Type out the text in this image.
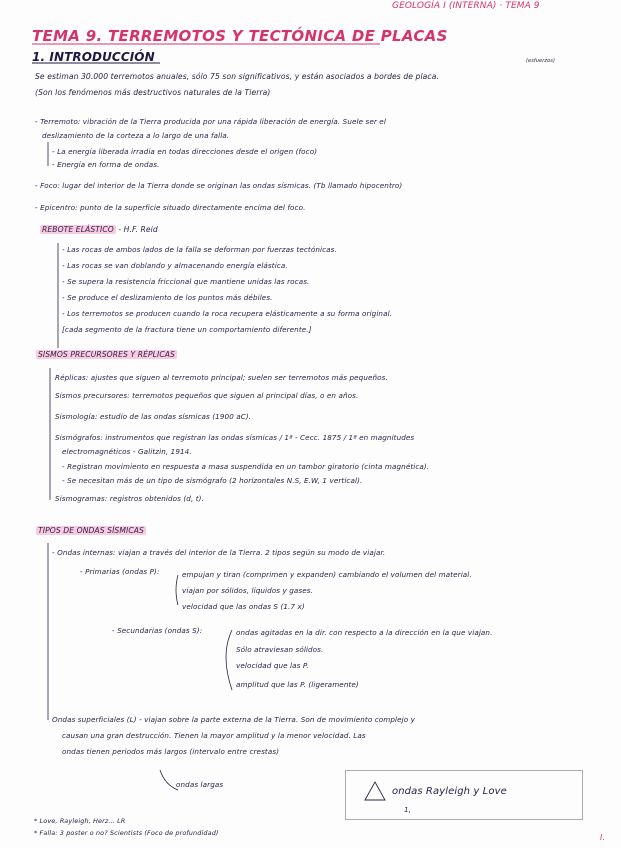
GEOLOGÍA I (INTERNA) · TEMA 9
TEMA 9. TERREMOTOS Y TECTÓNICA DE PLACAS
1. INTRODUCCIÓN	(esfuerzos)
Se estiman 30.000 terremotos anuales, sólo 75 son significativos, y están asociados a bordes de placa.
(Son los fenómenos más destructivos naturales de la Tierra)
- Terremoto: vibración de la Tierra producida por una rápida liberación de energía. Suele ser el
deslizamiento de la corteza a lo largo de una falla.
- La energía liberada irradia en todas direcciones desde el origen (foco)
- Energía en forma de ondas.
- Foco: lugar del interior de la Tierra donde se originan las ondas sísmicas. (Tb llamado hipocentro)
- Epicentro: punto de la superficie situado directamente encima del foco.
REBOTE ELÁSTICO - H.F. Reid
- Las rocas de ambos lados de la falla se deforman por fuerzas tectónicas.
- Las rocas se van doblando y almacenando energía elástica.
- Se supera la resistencia friccional que mantiene unidas las rocas.
- Se produce el deslizamiento de los puntos más débiles.
- Los terremotos se producen cuando la roca recupera elásticamente a su forma original.
[cada segmento de la fractura tiene un comportamiento diferente.]
SISMOS PRECURSORES Y RÉPLICAS
Réplicas: ajustes que siguen al terremoto principal; suelen ser terremotos más pequeños.
Sismos precursores: terremotos pequeños que siguen al principal días, o en años.
Sismología: estudio de las ondas sísmicas (1900 aC).
Sismógrafos: instrumentos que registran las ondas sísmicas / 1ª - Cecc. 1875 / 1ª en magnitudes
electromagnéticos - Galitzin, 1914.
- Registran movimiento en respuesta a masa suspendida en un tambor giratorio (cinta magnética).
- Se necesitan más de un tipo de sismógrafo (2 horizontales N.S, E.W, 1 vertical).
Sismogramas: registros obtenidos (d, t).
TIPOS DE ONDAS SÍSMICAS
- Ondas internas: viajan a través del interior de la Tierra. 2 tipos según su modo de viajar.
- Primarias (ondas P):	empujan y tiran (comprimen y expanden) cambiando el volumen del material.
viajan por sólidos, líquidos y gases.
velocidad que las ondas S (1.7 x)
- Secundarias (ondas S):	ondas agitadas en la dir. con respecto a la dirección en la que viajan.
Sólo atraviesan sólidos.
velocidad que las P.
amplitud que las P. (ligeramente)
Ondas superficiales (L) - viajan sobre la parte externa de la Tierra. Son de movimiento complejo y
causan una gran destrucción. Tienen la mayor amplitud y la menor velocidad. Las
ondas tienen periodos más largos (intervalo entre crestas)
ondas largas
ondas Rayleigh y Love
1,
* Love, Rayleigh, Herz... LR
* Falla: 3 poster o no? Scientists (Foco de profundidad)	I.
